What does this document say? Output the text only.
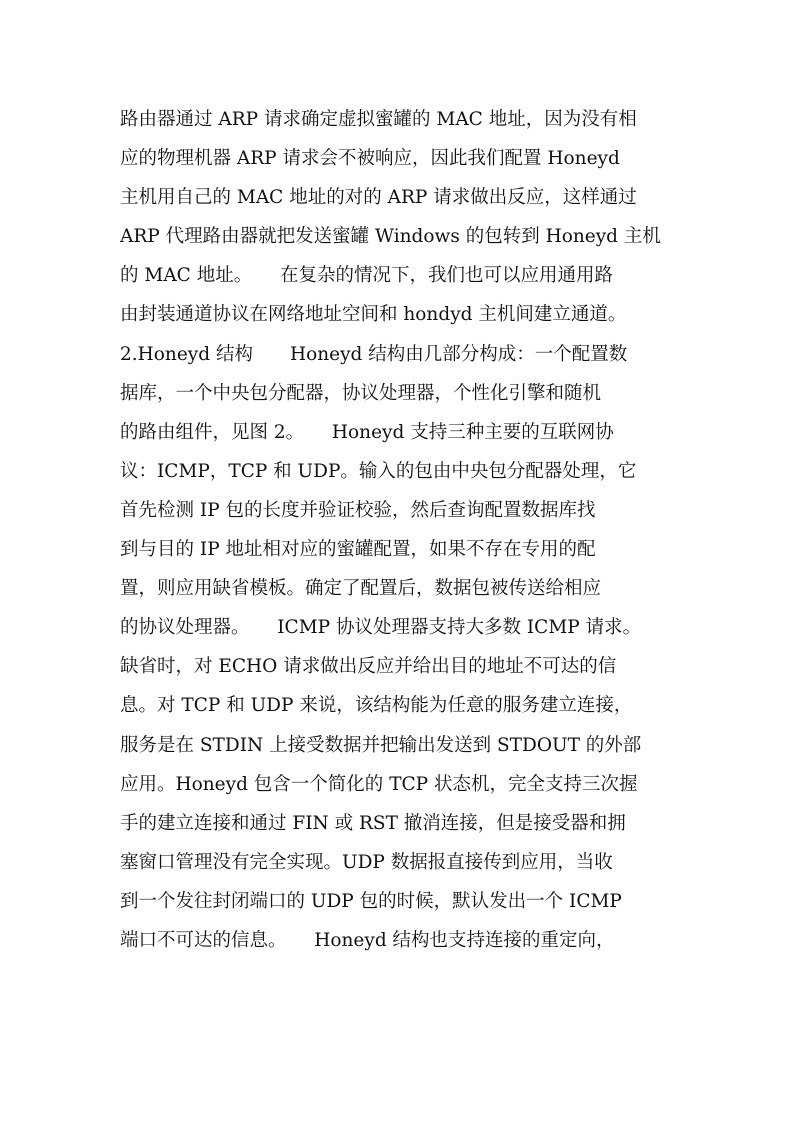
路由器通过 ARP 请求确定虚拟蜜罐的 MAC 地址，因为没有相
应的物理机器 ARP 请求会不被响应，因此我们配置 Honeyd
主机用自己的 MAC 地址的对的 ARP 请求做出反应，这样通过
ARP 代理路由器就把发送蜜罐 Windows 的包转到 Honeyd 主机
的 MAC 地址。　　在复杂的情况下，我们也可以应用通用路
由封装通道协议在网络地址空间和 hondyd 主机间建立通道。
2.Honeyd 结构　　Honeyd 结构由几部分构成：一个配置数
据库，一个中央包分配器，协议处理器，个性化引擎和随机
的路由组件，见图 2。　　Honeyd 支持三种主要的互联网协
议：ICMP，TCP 和 UDP。输入的包由中央包分配器处理，它
首先检测 IP 包的长度并验证校验，然后查询配置数据库找
到与目的 IP 地址相对应的蜜罐配置，如果不存在专用的配
置，则应用缺省模板。确定了配置后，数据包被传送给相应
的协议处理器。　　ICMP 协议处理器支持大多数 ICMP 请求。
缺省时，对 ECHO 请求做出反应并给出目的地址不可达的信
息。对 TCP 和 UDP 来说，该结构能为任意的服务建立连接，
服务是在 STDIN 上接受数据并把输出发送到 STDOUT 的外部
应用。Honeyd 包含一个简化的 TCP 状态机，完全支持三次握
手的建立连接和通过 FIN 或 RST 撤消连接，但是接受器和拥
塞窗口管理没有完全实现。UDP 数据报直接传到应用，当收
到一个发往封闭端口的 UDP 包的时候，默认发出一个 ICMP
端口不可达的信息。　　Honeyd 结构也支持连接的重定向，
